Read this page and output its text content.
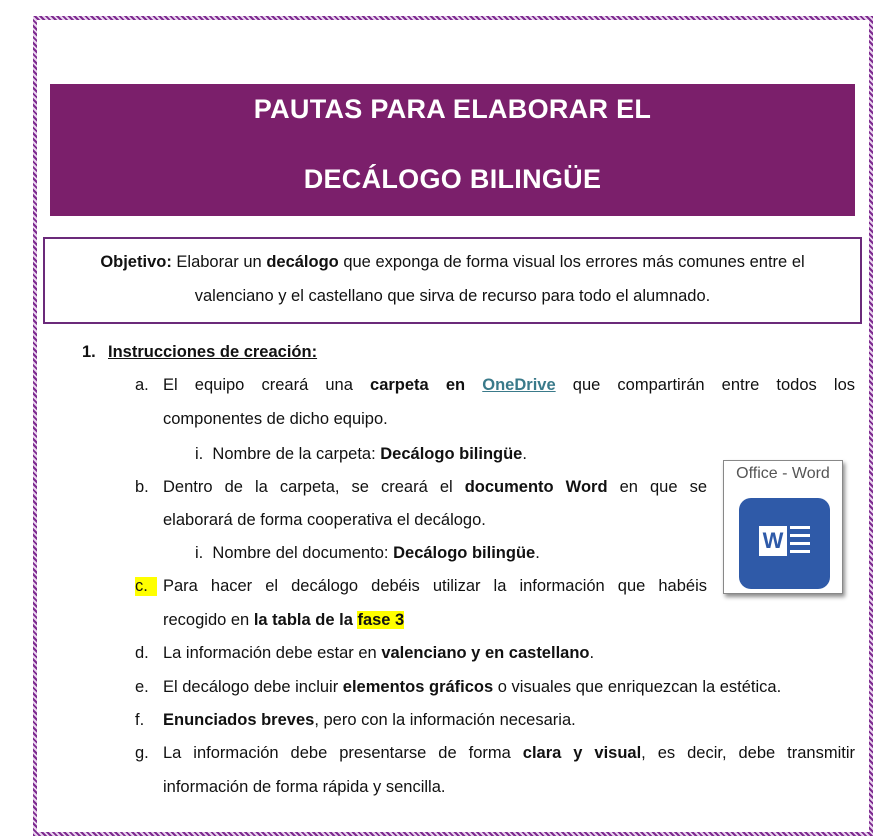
PAUTAS PARA ELABORAR EL
DECÁLOGO BILINGÜE
Objetivo: Elaborar un decálogo que exponga de forma visual los errores más comunes entre el
valenciano y el castellano que sirva de recurso para todo el alumnado.
1. Instrucciones de creación:
a. El equipo creará una carpeta en OneDrive que compartirán entre todos los
componentes de dicho equipo.
i. Nombre de la carpeta: Decálogo bilingüe.
b. Dentro de la carpeta, se creará el documento Word en que se
elaborará de forma cooperativa el decálogo.
i. Nombre del documento: Decálogo bilingüe.
c. Para hacer el decálogo debéis utilizar la información que habéis
recogido en la tabla de la fase 3
d. La información debe estar en valenciano y en castellano.
e. El decálogo debe incluir elementos gráficos o visuales que enriquezcan la estética.
f.	Enunciados breves, pero con la información necesaria.
g. La información debe presentarse de forma clara y visual, es decir, debe transmitir
información de forma rápida y sencilla.
Office - Word
W
